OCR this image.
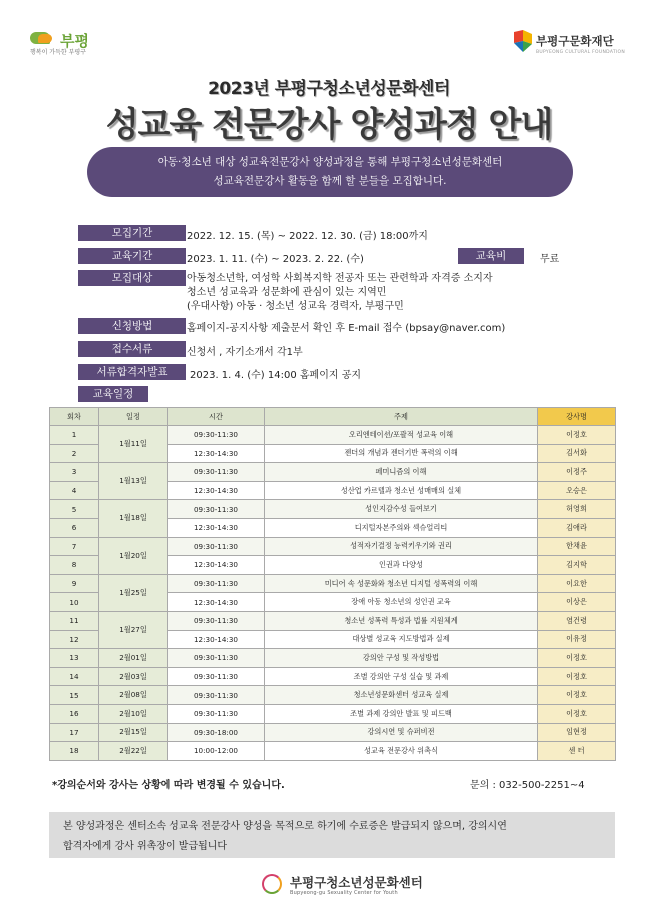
부평
행복이 가득한 부평구
부평구문화재단
BUPYEONG CULTURAL FOUNDATION
2023년 부평구청소년성문화센터
성교육 전문강사 양성과정 안내
아동·청소년 대상 성교육전문강사 양성과정을 통해 부평구청소년성문화센터
성교육전문강사 활동을 함께 할 분들을 모집합니다.
모집기간	2022. 12. 15. (목) ~ 2022. 12. 30. (금) 18:00까지
교육기간	2023. 1. 11. (수) ~ 2023. 2. 22. (수)	교육비	무료
모집대상	아동청소년학, 여성학 사회복지학 전공자 또는 관련학과 자격증 소지자
청소년 성교육과 성문화에 관심이 있는 지역민
(우대사항) 아동 · 청소년 성교육 경력자, 부평구민
신청방법	홈페이지-공지사항 제출문서 확인 후 E-mail 접수 (bpsay@naver.com)
접수서류	신청서 , 자기소개서 각1부
서류합격자발표	2023. 1. 4. (수) 14:00 홈페이지 공지
교육일정
회차	일정	시간	주제	강사명
1	1월11일	09:30-11:30	오리엔테이션/포괄적 성교육 이해	이정호
2		12:30-14:30	젠더의 개념과 젠더기반 폭력의 이해	김서화
3	1월13일	09:30-11:30	페미니즘의 이해	이정주
4		12:30-14:30	성산업 카르텔과 청소년 성매매의 실체	오승은
5	1월18일	09:30-11:30	성인지감수성 들여보기	허영희
6		12:30-14:30	디지털자본주의와 섹슈얼리티	김애라
7	1월20일	09:30-11:30	성적자기결정 능력키우기와 권리	한채윤
8		12:30-14:30	인권과 다양성	김지학
9	1월25일	09:30-11:30	미디어 속 성문화와 청소년 디지털 성폭력의 이해	이요한
10		12:30-14:30	장애 아동 청소년의 성인권 교육	이상은
11	1월27일	09:30-11:30	청소년 성폭력 특성과 법률 지원체계	염건령
12		12:30-14:30	대상별 성교육 지도방법과 실제	이유정
13	2월01일	09:30-11:30	강의안 구성 및 작성방법	이정호
14	2월03일	09:30-11:30	조별 강의안 구성 실습 및 과제	이정호
15	2월08일	09:30-11:30	청소년성문화센터 성교육 실제	이정호
16	2월10일	09:30-11:30	조별 과제 강의안 발표 및 피드백	이정호
17	2월15일	09:30-18:00	강의시연 및 슈퍼비전	임현정
18	2월22일	10:00-12:00	성교육 전문강사 위촉식	센 터
*강의순서와 강사는 상황에 따라 변경될 수 있습니다.	문의 : 032-500-2251~4
본 양성과정은 센터소속 성교육 전문강사 양성을 목적으로 하기에 수료증은 발급되지 않으며, 강의시연
합격자에게 강사 위촉장이 발급됩니다
부평구청소년성문화센터
Bupyeong-gu Sexuality Center for Youth
